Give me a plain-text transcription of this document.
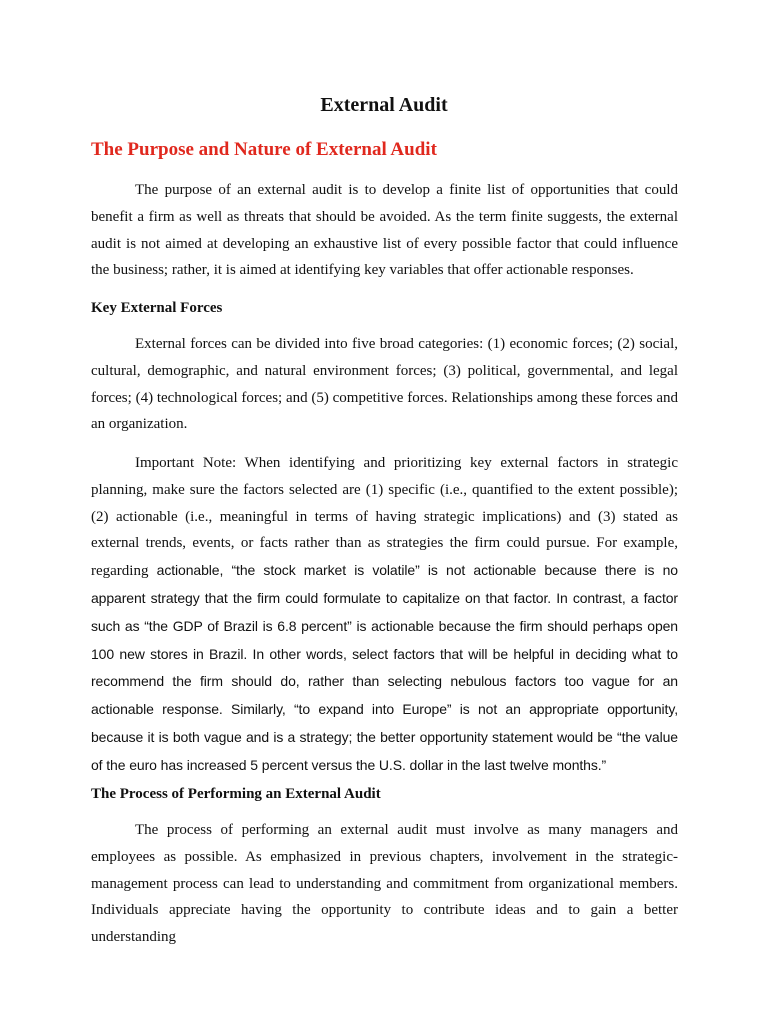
External Audit
The Purpose and Nature of External Audit
The purpose of an external audit is to develop a finite list of opportunities that could benefit a firm as well as threats that should be avoided. As the term finite suggests, the external audit is not aimed at developing an exhaustive list of every possible factor that could influence the business; rather, it is aimed at identifying key variables that offer actionable responses.
Key External Forces
External forces can be divided into five broad categories: (1) economic forces; (2) social, cultural, demographic, and natural environment forces; (3) political, governmental, and legal forces; (4) technological forces; and (5) competitive forces. Relationships among these forces and an organization.
Important Note: When identifying and prioritizing key external factors in strategic planning, make sure the factors selected are (1) specific (i.e., quantified to the extent possible); (2) actionable (i.e., meaningful in terms of having strategic implications) and (3) stated as external trends, events, or facts rather than as strategies the firm could pursue. For example, regarding actionable, “the stock market is volatile” is not actionable because there is no apparent strategy that the firm could formulate to capitalize on that factor. In contrast, a factor such as “the GDP of Brazil is 6.8 percent” is actionable because the firm should perhaps open 100 new stores in Brazil. In other words, select factors that will be helpful in deciding what to recommend the firm should do, rather than selecting nebulous factors too vague for an actionable response. Similarly, “to expand into Europe” is not an appropriate opportunity, because it is both vague and is a strategy; the better opportunity statement would be “the value of the euro has increased 5 percent versus the U.S. dollar in the last twelve months.”
The Process of Performing an External Audit
The process of performing an external audit must involve as many managers and employees as possible. As emphasized in previous chapters, involvement in the strategic-management process can lead to understanding and commitment from organizational members. Individuals appreciate having the opportunity to contribute ideas and to gain a better understanding
